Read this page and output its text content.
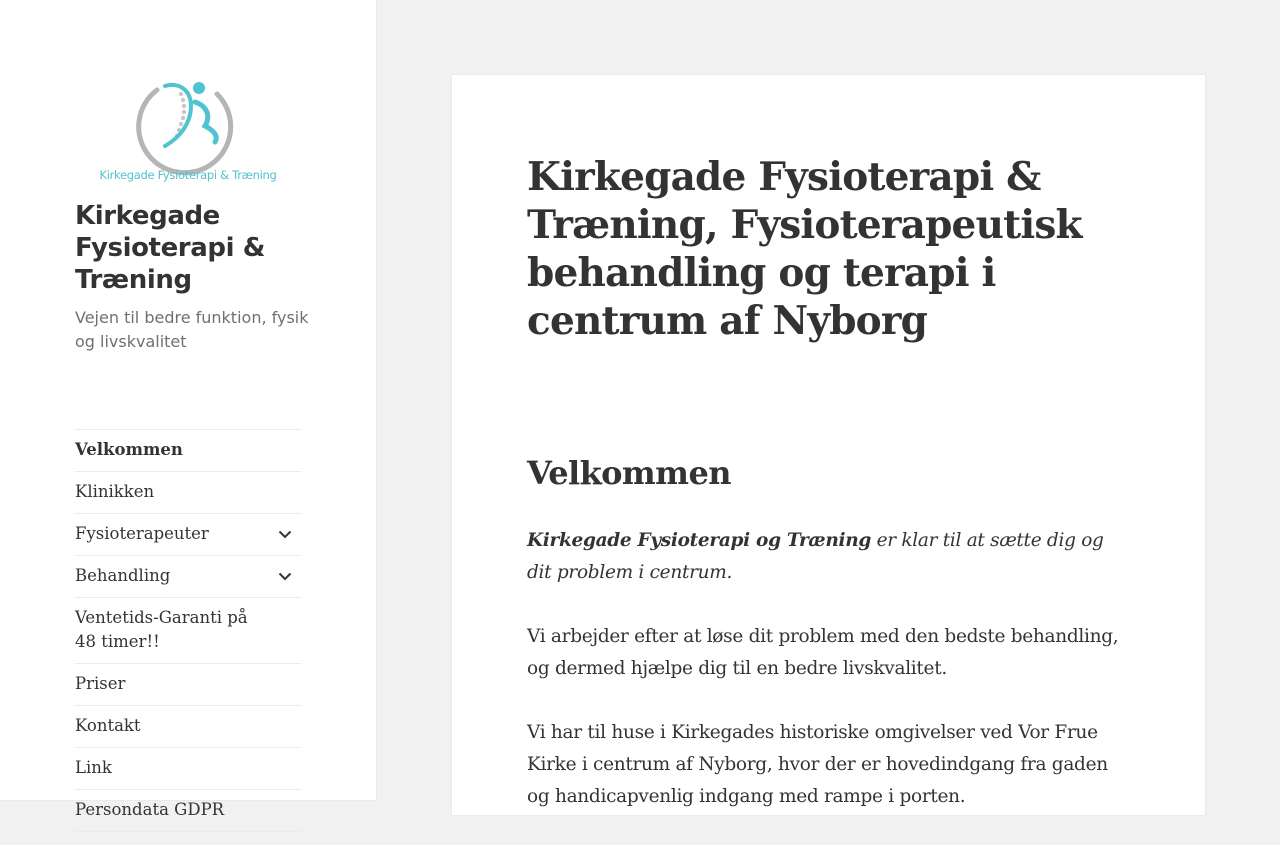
Kirkegade Fysioterapi & Træning
Kirkegade Fysioterapi & Træning

Vejen til bedre funktion, fysik og livskvalitet

Velkommen
Klinikken
Fysioterapeuter
Behandling
Ventetids-Garanti på 48 timer!!
Priser
Kontakt
Link
Persondata GDPR
Kirkegade Fysioterapi & Træning, Fysioterapeutisk behandling og terapi i centrum af Nyborg
Velkommen

Kirkegade Fysioterapi og Træning er klar til at sætte dig og dit problem i centrum.

Vi arbejder efter at løse dit problem med den bedste behandling, og dermed hjælpe dig til en bedre livskvalitet.

Vi har til huse i Kirkegades historiske omgivelser ved Vor Frue Kirke i centrum af Nyborg, hvor der er hovedindgang fra gaden og handicapvenlig indgang med rampe i porten.
